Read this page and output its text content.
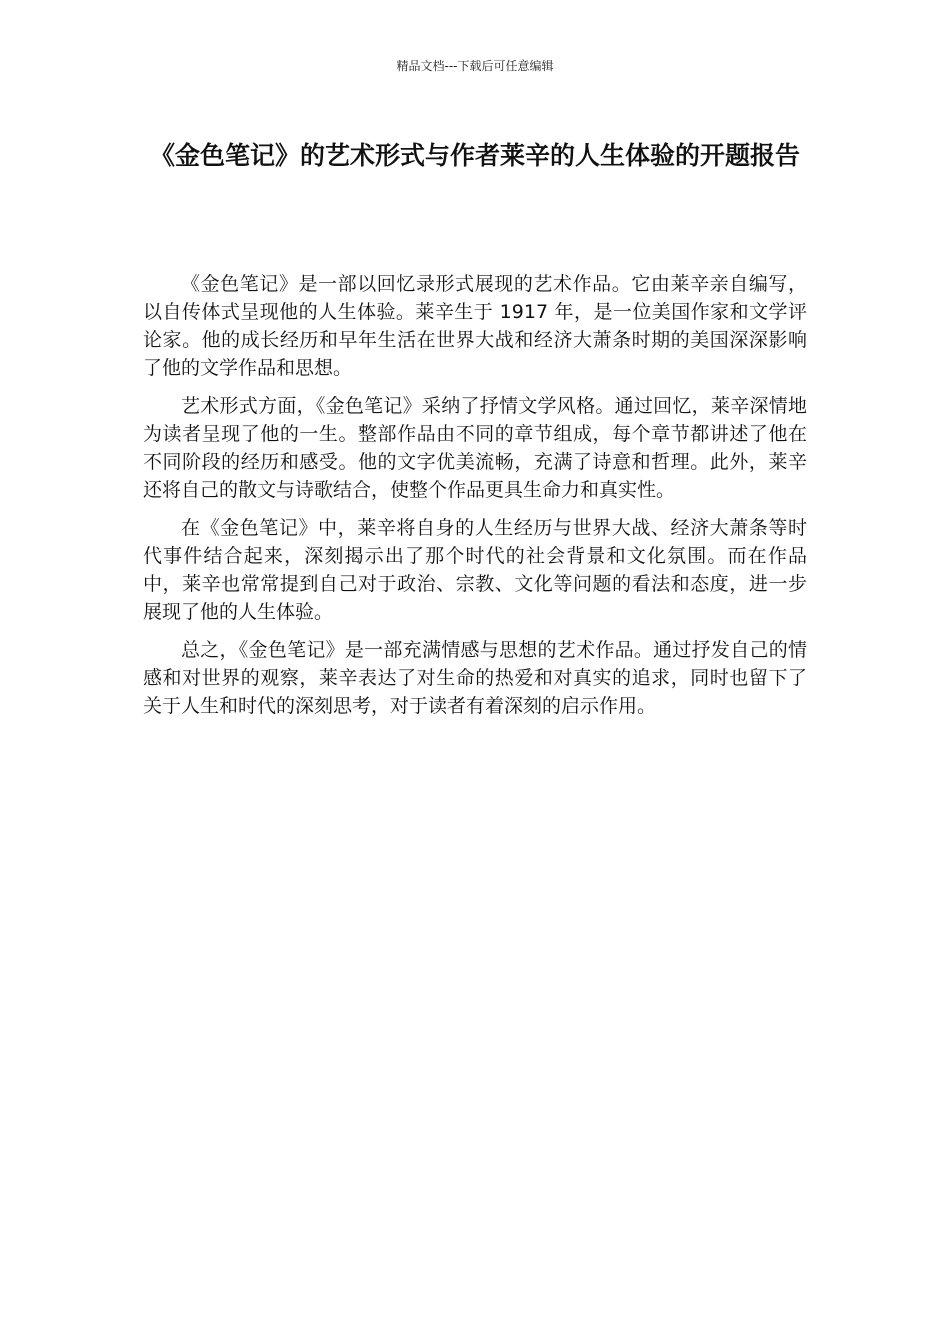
精品文档---下载后可任意编辑
《金色笔记》的艺术形式与作者莱辛的人生体验的开题报告

《金色笔记》是一部以回忆录形式展现的艺术作品。它由莱辛亲自编写，以自传体式呈现他的人生体验。莱辛生于 1917 年，是一位美国作家和文学评论家。他的成长经历和早年生活在世界大战和经济大萧条时期的美国深深影响了他的文学作品和思想。

艺术形式方面，《金色笔记》采纳了抒情文学风格。通过回忆，莱辛深情地为读者呈现了他的一生。整部作品由不同的章节组成，每个章节都讲述了他在不同阶段的经历和感受。他的文字优美流畅，充满了诗意和哲理。此外，莱辛还将自己的散文与诗歌结合，使整个作品更具生命力和真实性。

在《金色笔记》中，莱辛将自身的人生经历与世界大战、经济大萧条等时代事件结合起来，深刻揭示出了那个时代的社会背景和文化氛围。而在作品中，莱辛也常常提到自己对于政治、宗教、文化等问题的看法和态度，进一步展现了他的人生体验。

总之，《金色笔记》是一部充满情感与思想的艺术作品。通过抒发自己的情感和对世界的观察，莱辛表达了对生命的热爱和对真实的追求，同时也留下了关于人生和时代的深刻思考，对于读者有着深刻的启示作用。
